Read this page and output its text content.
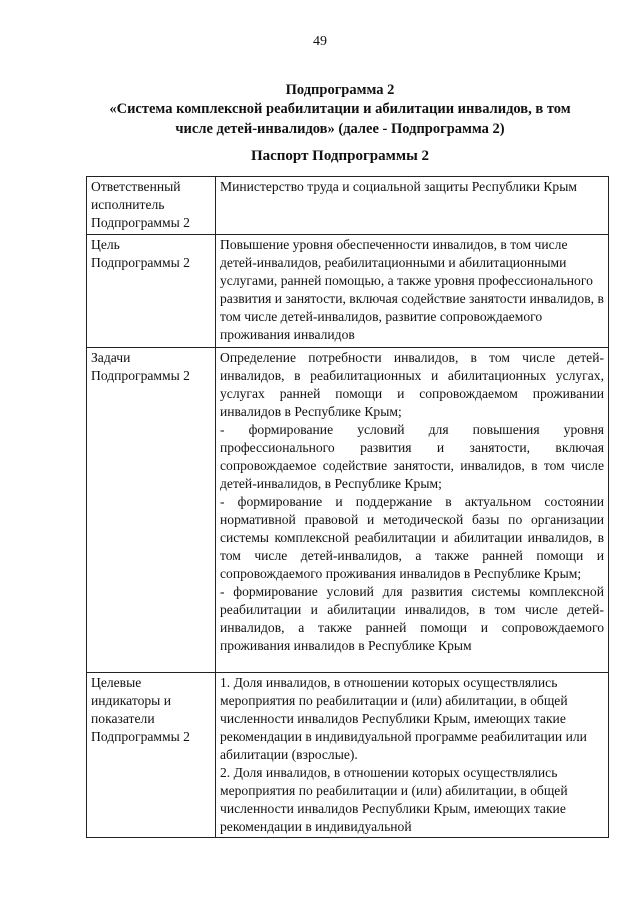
49
Подпрограмма 2
«Система комплексной реабилитации и абилитации инвалидов, в том
числе детей-инвалидов» (далее - Подпрограмма 2)
Паспорт Подпрограммы 2
Ответственный исполнитель Подпрограммы 2	Министерство труда и социальной защиты Республики Крым
Цель Подпрограммы 2	Повышение уровня обеспеченности инвалидов, в том числе детей-инвалидов, реабилитационными и абилитационными услугами, ранней помощью, а также уровня профессионального развития и занятости, включая содействие занятости инвалидов, в том числе детей-инвалидов, развитие сопровождаемого проживания инвалидов
Задачи Подпрограммы 2	Определение потребности инвалидов, в том числе детей-инвалидов, в реабилитационных и абилитационных услугах, услугах ранней помощи и сопровождаемом проживании инвалидов в Республике Крым;
- формирование условий для повышения уровня профессионального развития и занятости, включая сопровождаемое содействие занятости, инвалидов, в том числе детей-инвалидов, в Республике Крым;
- формирование и поддержание в актуальном состоянии нормативной правовой и методической базы по организации системы комплексной реабилитации и абилитации инвалидов, в том числе детей-инвалидов, а также ранней помощи и сопровождаемого проживания инвалидов в Республике Крым;
- формирование условий для развития системы комплексной реабилитации и абилитации инвалидов, в том числе детей-инвалидов, а также ранней помощи и сопровождаемого проживания инвалидов в Республике Крым

Целевые индикаторы и показатели Подпрограммы 2	1. Доля инвалидов, в отношении которых осуществлялись мероприятия по реабилитации и (или) абилитации, в общей численности инвалидов Республики Крым, имеющих такие рекомендации в индивидуальной программе реабилитации или абилитации (взрослые).
2. Доля инвалидов, в отношении которых осуществлялись мероприятия по реабилитации и (или) абилитации, в общей численности инвалидов Республики Крым, имеющих такие рекомендации в индивидуальной
